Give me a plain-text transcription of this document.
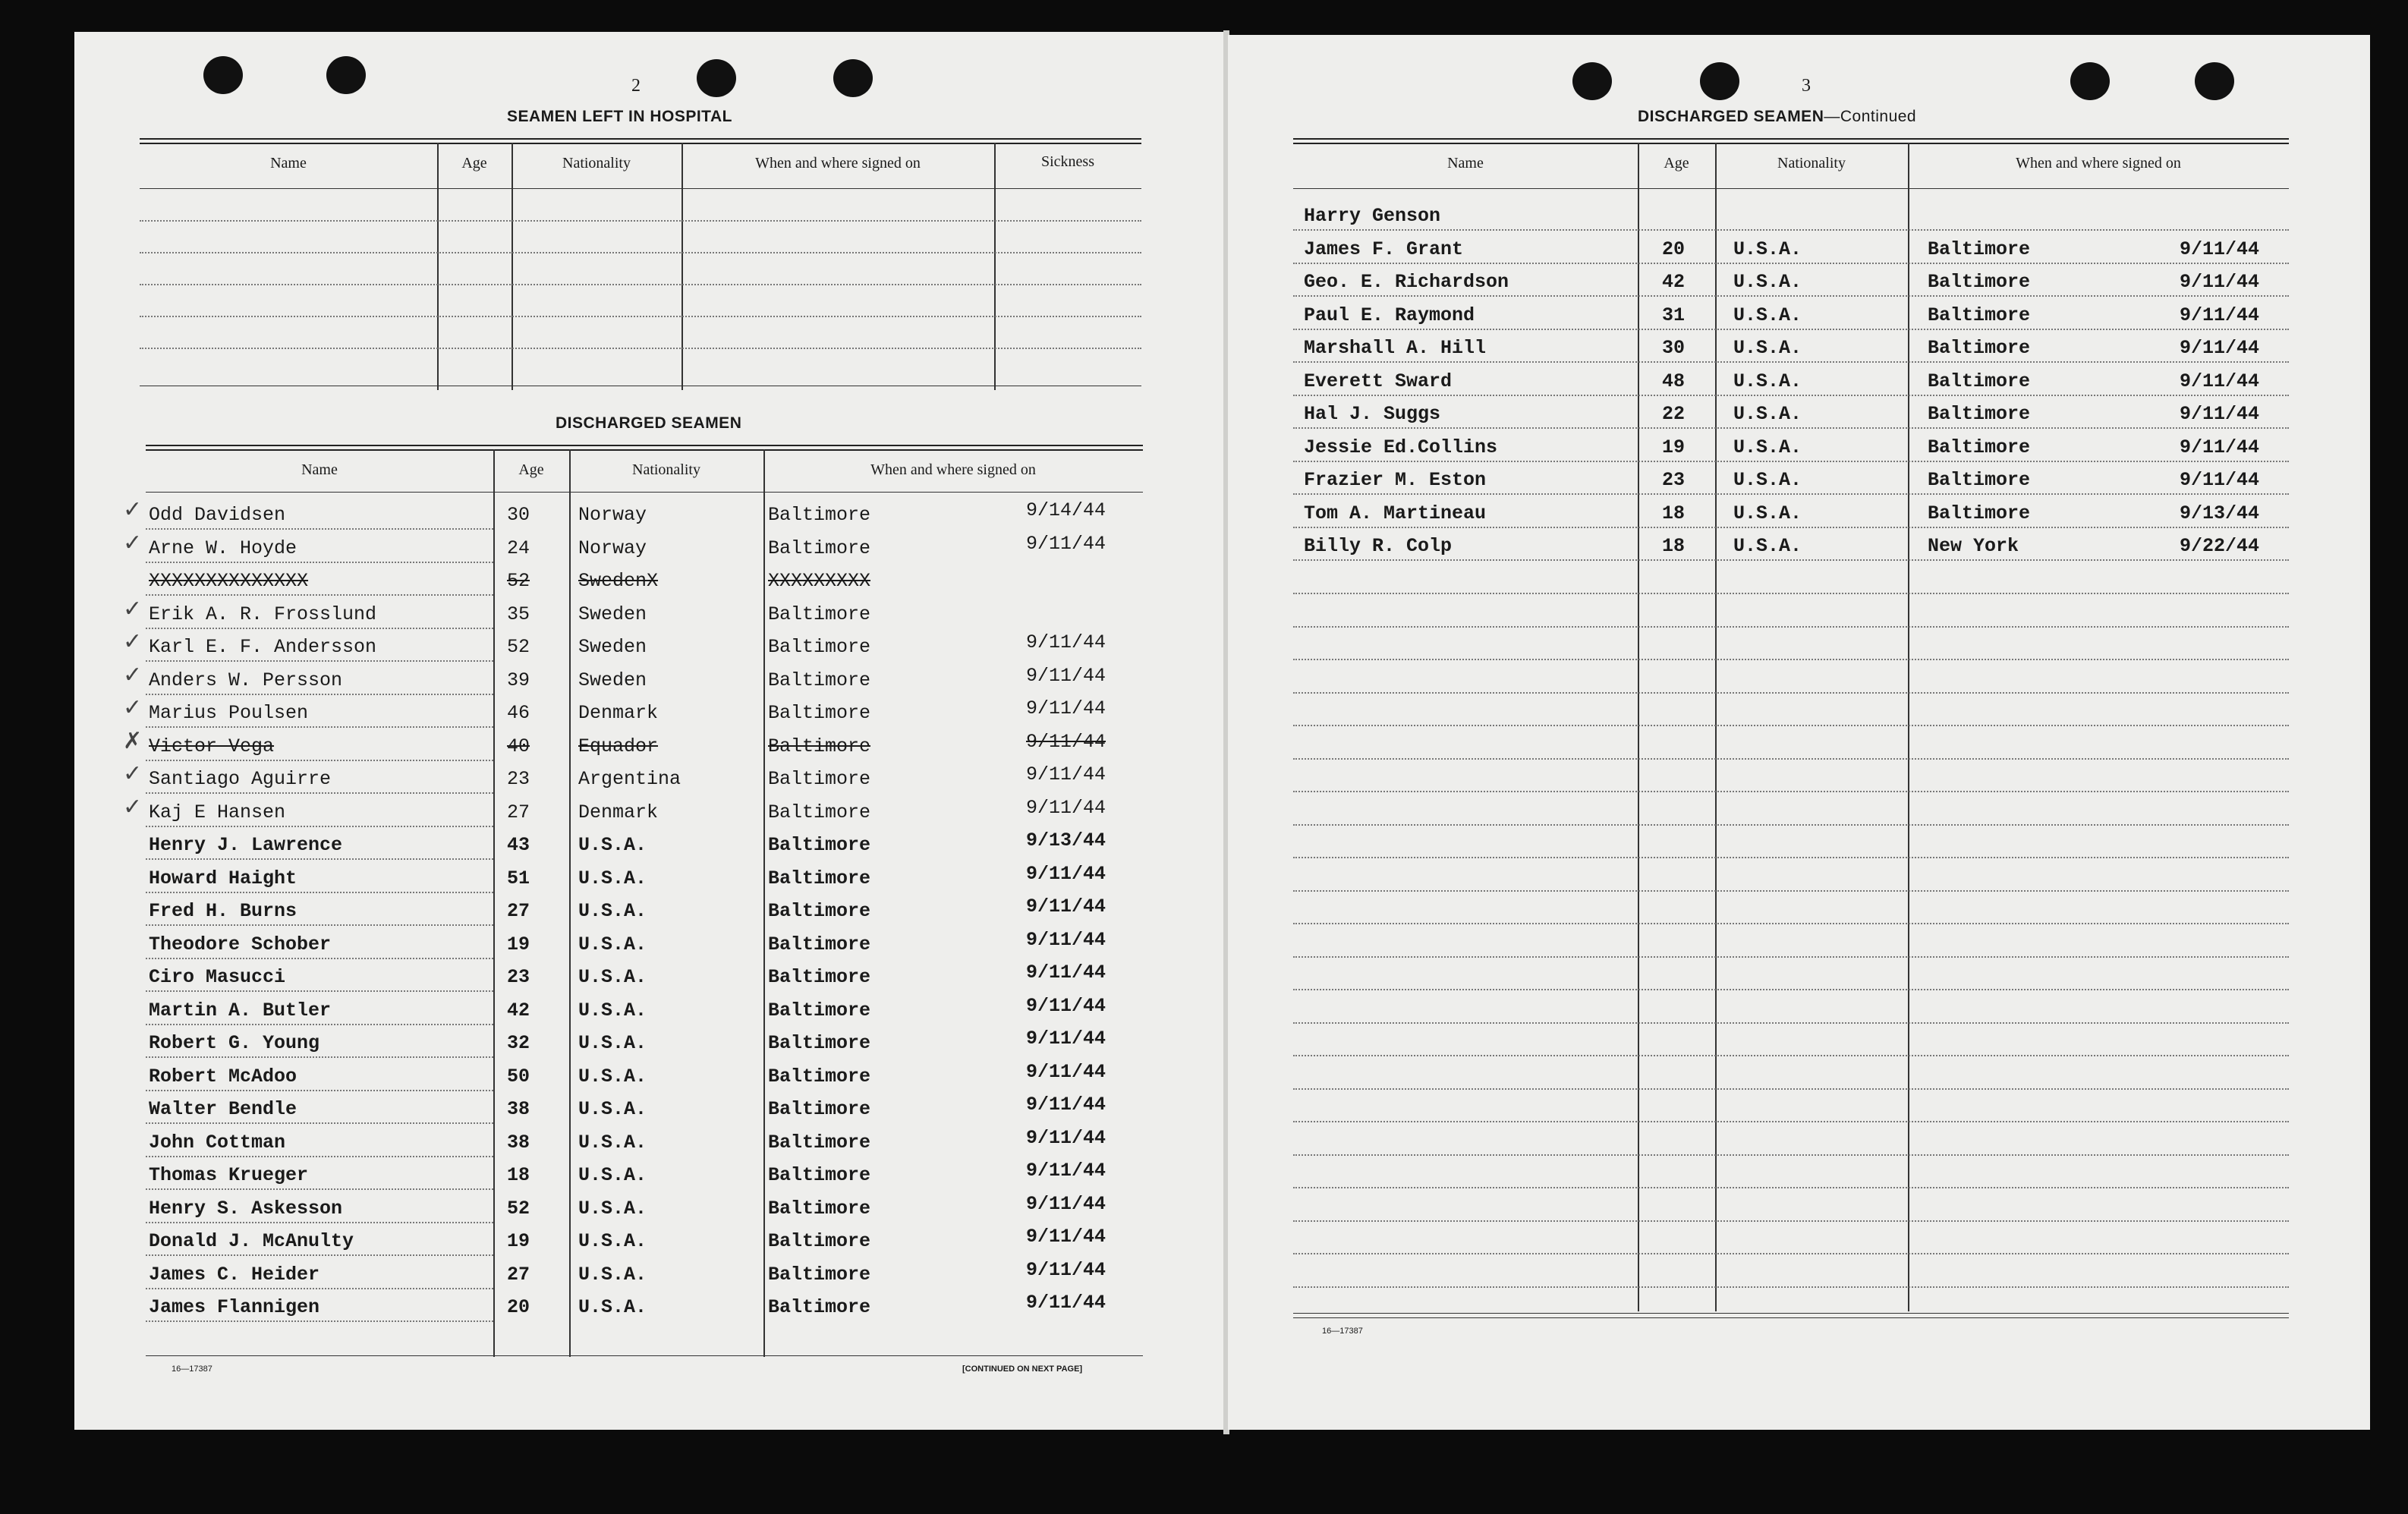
2
SEAMEN LEFT IN HOSPITAL
Name	Age	Nationality	When and where signed on	Sickness
DISCHARGED SEAMEN
Name	Age	Nationality	When and where signed on
Odd Davidsen	30	Norway	Baltimore	9/14/44
✓
Arne W. Hoyde	24	Norway	Baltimore	9/11/44
✓
XXXXXXXXXXXXXX	52	SwedenX	XXXXXXXXX
Erik A. R. Frosslund	35	Sweden	Baltimore
✓
Karl E. F. Andersson	52	Sweden	Baltimore	9/11/44
✓
Anders W. Persson	39	Sweden	Baltimore	9/11/44
✓
Marius Poulsen	46	Denmark	Baltimore	9/11/44
✓
Victor Vega	40	Equador	Baltimore	9/11/44
✗
Santiago Aguirre	23	Argentina	Baltimore	9/11/44
✓
Kaj E Hansen	27	Denmark	Baltimore	9/11/44
✓
Henry J. Lawrence	43	U.S.A.	Baltimore	9/13/44
Howard Haight	51	U.S.A.	Baltimore	9/11/44
Fred H. Burns	27	U.S.A.	Baltimore	9/11/44
Theodore Schober	19	U.S.A.	Baltimore	9/11/44
Ciro Masucci	23	U.S.A.	Baltimore	9/11/44
Martin A. Butler	42	U.S.A.	Baltimore	9/11/44
Robert G. Young	32	U.S.A.	Baltimore	9/11/44
Robert McAdoo	50	U.S.A.	Baltimore	9/11/44
Walter Bendle	38	U.S.A.	Baltimore	9/11/44
John Cottman	38	U.S.A.	Baltimore	9/11/44
Thomas Krueger	18	U.S.A.	Baltimore	9/11/44
Henry S. Askesson	52	U.S.A.	Baltimore	9/11/44
Donald J. McAnulty	19	U.S.A.	Baltimore	9/11/44
James C. Heider	27	U.S.A.	Baltimore	9/11/44
James Flannigen	20	U.S.A.	Baltimore	9/11/44
16—17387	[CONTINUED ON NEXT PAGE]
3
DISCHARGED SEAMEN—Continued
Name	Age	Nationality	When and where signed on
Harry Genson
James F. Grant	20	U.S.A.	Baltimore	9/11/44
Geo. E. Richardson	42	U.S.A.	Baltimore	9/11/44
Paul E. Raymond	31	U.S.A.	Baltimore	9/11/44
Marshall A. Hill	30	U.S.A.	Baltimore	9/11/44
Everett Sward	48	U.S.A.	Baltimore	9/11/44
Hal J. Suggs	22	U.S.A.	Baltimore	9/11/44
Jessie Ed.Collins	19	U.S.A.	Baltimore	9/11/44
Frazier M. Eston	23	U.S.A.	Baltimore	9/11/44
Tom A. Martineau	18	U.S.A.	Baltimore	9/13/44
Billy R. Colp	18	U.S.A.	New York	9/22/44
16—17387
